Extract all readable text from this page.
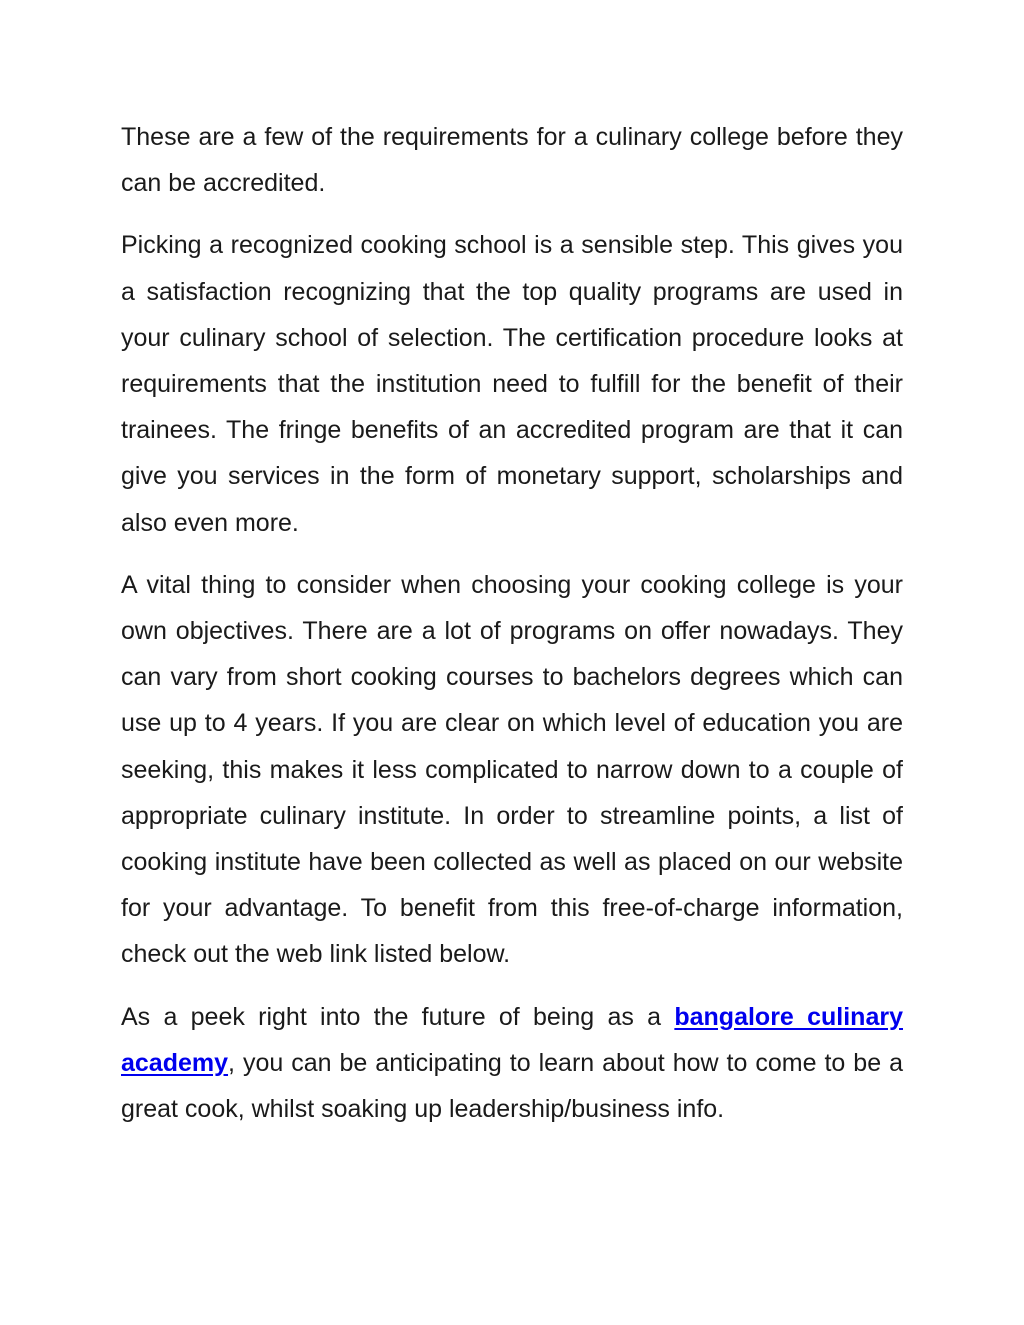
These are a few of the requirements for a culinary college before they can be accredited.

Picking a recognized cooking school is a sensible step. This gives you a satisfaction recognizing that the top quality programs are used in your culinary school of selection. The certification procedure looks at requirements that the institution need to fulfill for the benefit of their trainees. The fringe benefits of an accredited program are that it can give you services in the form of monetary support, scholarships and also even more.

A vital thing to consider when choosing your cooking college is your own objectives. There are a lot of programs on offer nowadays. They can vary from short cooking courses to bachelors degrees which can use up to 4 years. If you are clear on which level of education you are seeking, this makes it less complicated to narrow down to a couple of appropriate culinary institute. In order to streamline points, a list of cooking institute have been collected as well as placed on our website for your advantage. To benefit from this free-of-charge information, check out the web link listed below.

As a peek right into the future of being as a bangalore culinary academy, you can be anticipating to learn about how to come to be a great cook, whilst soaking up leadership/business info.
